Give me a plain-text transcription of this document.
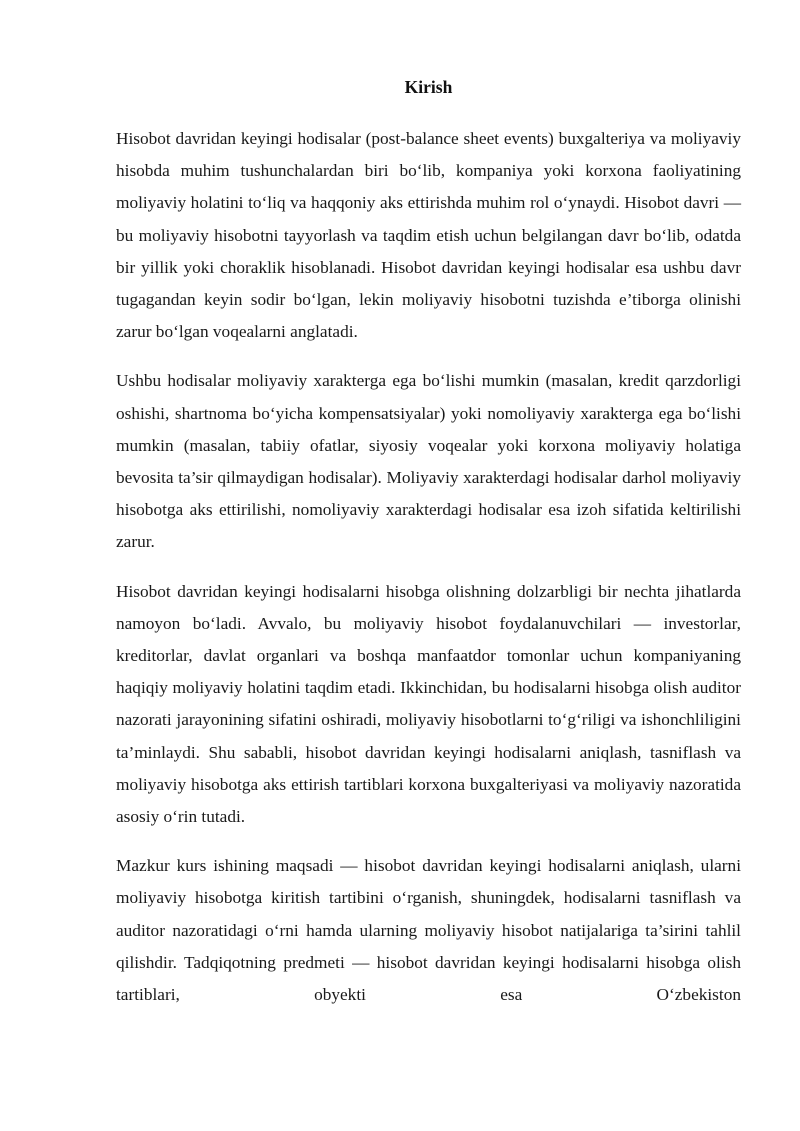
Kirish

Hisobot davridan keyingi hodisalar (post-balance sheet events) buxgalteriya va moliyaviy hisobda muhim tushunchalardan biri bo‘lib, kompaniya yoki korxona faoliyatining moliyaviy holatini to‘liq va haqqoniy aks ettirishda muhim rol o‘ynaydi. Hisobot davri — bu moliyaviy hisobotni tayyorlash va taqdim etish uchun belgilangan davr bo‘lib, odatda bir yillik yoki choraklik hisoblanadi. Hisobot davridan keyingi hodisalar esa ushbu davr tugagandan keyin sodir bo‘lgan, lekin moliyaviy hisobotni tuzishda e’tiborga olinishi zarur bo‘lgan voqealarni anglatadi.

Ushbu hodisalar moliyaviy xarakterga ega bo‘lishi mumkin (masalan, kredit qarzdorligi oshishi, shartnoma bo‘yicha kompensatsiyalar) yoki nomoliyaviy xarakterga ega bo‘lishi mumkin (masalan, tabiiy ofatlar, siyosiy voqealar yoki korxona moliyaviy holatiga bevosita ta’sir qilmaydigan hodisalar). Moliyaviy xarakterdagi hodisalar darhol moliyaviy hisobotga aks ettirilishi, nomoliyaviy xarakterdagi hodisalar esa izoh sifatida keltirilishi zarur.

Hisobot davridan keyingi hodisalarni hisobga olishning dolzarbligi bir nechta jihatlarda namoyon bo‘ladi. Avvalo, bu moliyaviy hisobot foydalanuvchilari — investorlar, kreditorlar, davlat organlari va boshqa manfaatdor tomonlar uchun kompaniyaning haqiqiy moliyaviy holatini taqdim etadi. Ikkinchidan, bu hodisalarni hisobga olish auditor nazorati jarayonining sifatini oshiradi, moliyaviy hisobotlarni to‘g‘riligi va ishonchliligini ta’minlaydi. Shu sababli, hisobot davridan keyingi hodisalarni aniqlash, tasniflash va moliyaviy hisobotga aks ettirish tartiblari korxona buxgalteriyasi va moliyaviy nazoratida asosiy o‘rin tutadi.

Mazkur kurs ishining maqsadi — hisobot davridan keyingi hodisalarni aniqlash, ularni moliyaviy hisobotga kiritish tartibini o‘rganish, shuningdek, hodisalarni tasniflash va auditor nazoratidagi o‘rni hamda ularning moliyaviy hisobot natijalariga ta’sirini tahlil qilishdir. Tadqiqotning predmeti — hisobot davridan keyingi hodisalarni hisobga olish tartiblari, obyekti esa O‘zbekiston
